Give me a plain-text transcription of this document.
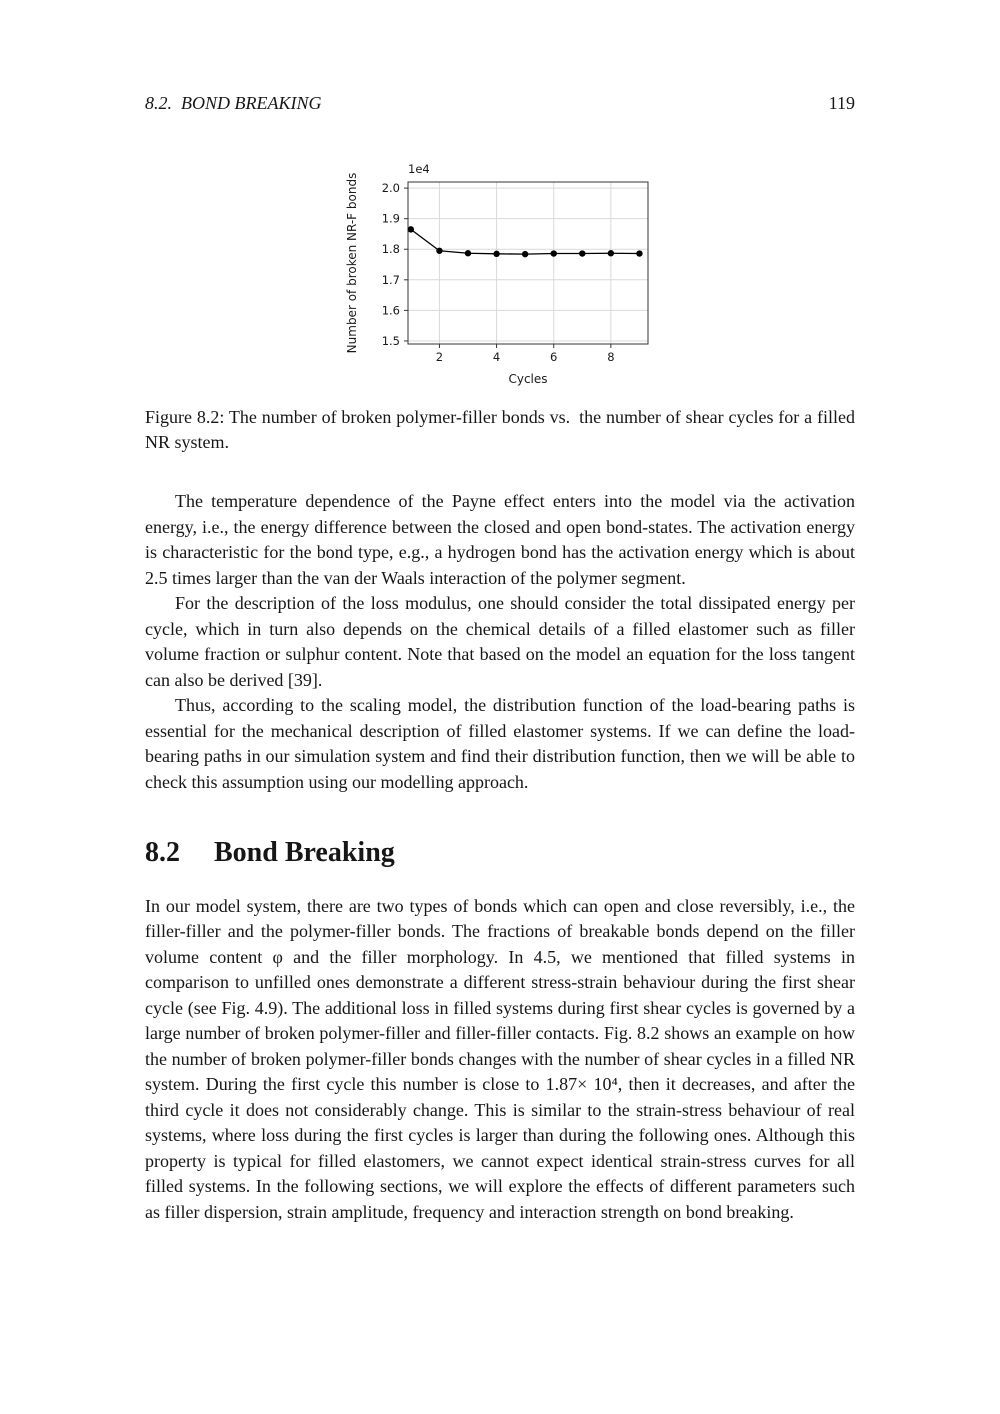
8.2. BOND BREAKING	119
2	4	6	8
1.5
1.6
1.7
1.8
1.9
2.0
1e4
Cycles
Number of broken NR-F bonds

Figure 8.2: The number of broken polymer-filler bonds vs. the number of shear cycles for a filled NR system.

The temperature dependence of the Payne effect enters into the model via the activation energy, i.e., the energy difference between the closed and open bond-states. The activation energy is characteristic for the bond type, e.g., a hydrogen bond has the activation energy which is about 2.5 times larger than the van der Waals interaction of the polymer segment.

For the description of the loss modulus, one should consider the total dissipated energy per cycle, which in turn also depends on the chemical details of a filled elastomer such as filler volume fraction or sulphur content. Note that based on the model an equation for the loss tangent can also be derived [39].

Thus, according to the scaling model, the distribution function of the load-bearing paths is essential for the mechanical description of filled elastomer systems. If we can define the load-bearing paths in our simulation system and find their distribution function, then we will be able to check this assumption using our modelling approach.

8.2 Bond Breaking

In our model system, there are two types of bonds which can open and close reversibly, i.e., the filler-filler and the polymer-filler bonds. The fractions of breakable bonds depend on the filler volume content φ and the filler morphology. In 4.5, we mentioned that filled systems in comparison to unfilled ones demonstrate a different stress-strain behaviour during the first shear cycle (see Fig. 4.9). The additional loss in filled systems during first shear cycles is governed by a large number of broken polymer-filler and filler-filler contacts. Fig. 8.2 shows an example on how the number of broken polymer-filler bonds changes with the number of shear cycles in a filled NR system. During the first cycle this number is close to 1.87× 10⁴, then it decreases, and after the third cycle it does not considerably change. This is similar to the strain-stress behaviour of real systems, where loss during the first cycles is larger than during the following ones. Although this property is typical for filled elastomers, we cannot expect identical strain-stress curves for all filled systems. In the following sections, we will explore the effects of different parameters such as filler dispersion, strain amplitude, frequency and interaction strength on bond breaking.
